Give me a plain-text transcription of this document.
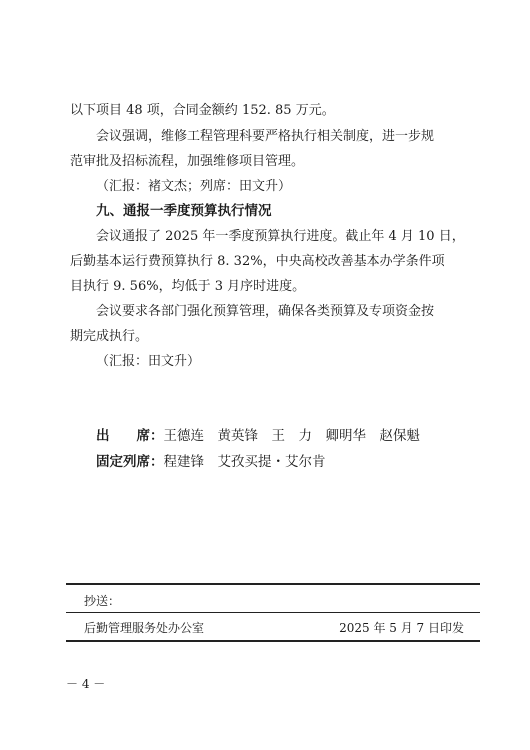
以下项目 48 项，合同金额约 152. 85 万元。

会议强调，维修工程管理科要严格执行相关制度，进一步规

范审批及招标流程，加强维修项目管理。

（汇报：褚文杰；列席：田文升）

九、通报一季度预算执行情况

会议通报了 2025 年一季度预算执行进度。截止年 4 月 10 日，

后勤基本运行费预算执行 8. 32%，中央高校改善基本办学条件项

目执行 9. 56%，均低于 3 月序时进度。

会议要求各部门强化预算管理，确保各类预算及专项资金按

期完成执行。

（汇报：田文升）

出　　席：王德连　黄英锋　王　力　卿明华　赵保魁
固定列席：程建锋　艾孜买提・艾尔肯
抄送：
后勤管理服务处办公室	2025 年 5 月 7 日印发
－ 4 －
